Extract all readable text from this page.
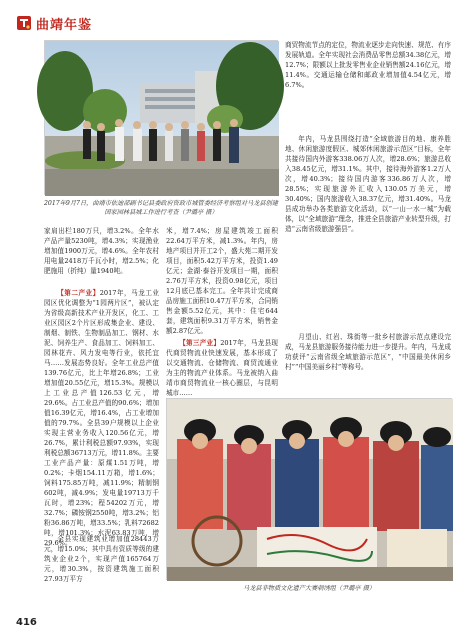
曲靖年鉴
2017年9月7日，曲靖市依迪部副书记县委政府资政市城管委经济考察组对马龙县创建国家园林县城工作进行考查（尹璐亭 摄）
商贸物流节点的定位，物流业逐步走向快速、规范、有序发展轨道。全年实现社会消费品零售总额34.38亿元，增12.7%；限额以上批发零售业企业销售额24.16亿元，增11.4%。交通运输仓储和邮政业增加值4.54亿元，增6.7%。
年内，马龙县围绕打造“全域旅游目的地、康养胜地、休闲旅游度假区、城郊休闲旅游示范区”目标，全年共接待国内外游客338.06万人次，增28.6%；旅游总收入38.45亿元，增31.1%。其中，接待海外游客1.2万人次，增40.3%；接待国内游客336.86万人次，增28.5%；实现旅游外汇收入130.05万美元，增30.40%；国内旅游收入38.37亿元，增31.40%。马龙县成功举办各类旅游文化活动，以“一山一水一城”为载体，以“全域旅游”理念，推进全县旅游产业转型升级，打造“云南省级旅游强县”。
月望山、红岩、珠街等一批乡村旅游示范点建设完成，马龙县旅游服务接待能力进一步提升。年内，马龙成功获评“云南省级全域旅游示范区”，“中国最美休闲乡村”“中国美丽乡村”等称号。
家肩出栏180万只，增3.2%。全年水产品产量5230吨，增4.3%；实现渔业增加值1900万元，增4.6%。全年农村用电量2418万千瓦小时，增2.5%；化肥施用（折纯）量1940吨。
【第二产业】2017年，马龙工业园区优化调整为“1园两片区”，被认定为省级高新技术产业开发区，化工、工业区园区2个片区形成集企业、建设、制烟、制铁、生物制品加工、钢材、水泥、饲养生产、食品加工、饲料加工、园林花卉、风力发电等行业，依托宜马……发展态势良好。全年工业总产值139.76亿元，比上年增26.8%；工业增加值20.55亿元，增15.3%。规模以上工业总产值126.53亿元，增29.6%。占工业总产值的90.6%；增加值16.39亿元，增16.4%，占工业增加值的79.7%。全县39户规模以上企业实现主营业务收入120.56亿元，增26.7%，累计利税总额97.93%，实现利税总额36713万元，增11.8%。主要工业产品产量：原煤1.51万吨，增0.2%；卡烟154.11万箱，增1.6%；饲料175.85万吨，减11.9%；精制钢602吨，减4.9%；发电量19713万千瓦时，增23%；程54202万元，增32.7%；磷铵钢2550吨，增3.2%；铝粉36.86万吨，增33.5%；乳料72682吨，增101.3%；水泥63.83万吨，增29.6%。
全县实现建筑业增加值28443万元，增15.0%；其中具有资质等级的建筑业企业2个，实现产值165764万元，增30.3%，按资建筑施工面积27.93万平方
米，增7.4%；房屋建筑竣工面积22.64万平方米，减1.3%。年内，房地产项目并开工2个，盛大苑二期开发项目，面积5.42万平方米，投资1.49亿元；金湖·泰谷开发项目一期，面积2.76万平方米，投资0.98亿元，项目12月底已基本完工。全年共计完成商品房施工面积10.47万平方米，合同销售金额5.52亿元，其中：住宅644套，建筑面积9.31万平方米，销售金额2.87亿元。
【第三产业】2017年，马龙县现代商贸物流业快速发展，基本形成了以交通物流、仓储物流、商贸流通业为主的物流产业体系。马龙被纳入曲靖市商贸物流业一核心圈层，与昆明城市……
马龙县非物质文化遗产大赛刺绣组（尹璐亭 摄）
416
